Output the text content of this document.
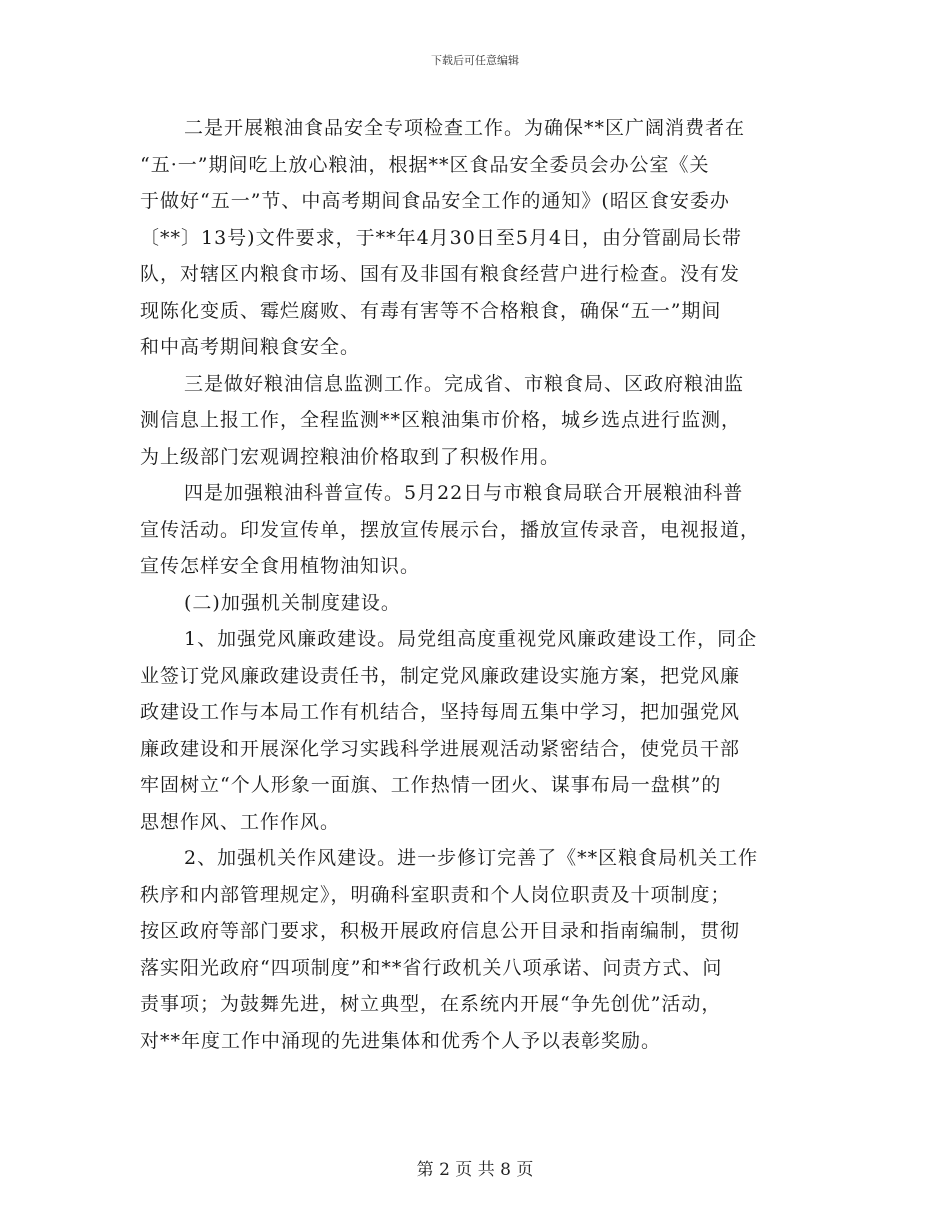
下载后可任意编辑
二是开展粮油食品安全专项检查工作。为确保**区广阔消费者在
“五·一”期间吃上放心粮油，根据**区食品安全委员会办公室《关
于做好“五一”节、中高考期间食品安全工作的通知》(昭区食安委办
〔**〕13号)文件要求，于**年4月30日至5月4日，由分管副局长带
队，对辖区内粮食市场、国有及非国有粮食经营户进行检查。没有发
现陈化变质、霉烂腐败、有毒有害等不合格粮食，确保“五一”期间
和中高考期间粮食安全。
三是做好粮油信息监测工作。完成省、市粮食局、区政府粮油监
测信息上报工作，全程监测**区粮油集市价格，城乡选点进行监测，
为上级部门宏观调控粮油价格取到了积极作用。
四是加强粮油科普宣传。5月22日与市粮食局联合开展粮油科普
宣传活动。印发宣传单，摆放宣传展示台，播放宣传录音，电视报道，
宣传怎样安全食用植物油知识。
(二)加强机关制度建设。
1、加强党风廉政建设。局党组高度重视党风廉政建设工作，同企
业签订党风廉政建设责任书，制定党风廉政建设实施方案，把党风廉
政建设工作与本局工作有机结合，坚持每周五集中学习，把加强党风
廉政建设和开展深化学习实践科学进展观活动紧密结合，使党员干部
牢固树立“个人形象一面旗、工作热情一团火、谋事布局一盘棋”的
思想作风、工作作风。
2、加强机关作风建设。进一步修订完善了《**区粮食局机关工作
秩序和内部管理规定》，明确科室职责和个人岗位职责及十项制度；
按区政府等部门要求，积极开展政府信息公开目录和指南编制，贯彻
落实阳光政府“四项制度”和**省行政机关八项承诺、问责方式、问
责事项；为鼓舞先进，树立典型，在系统内开展“争先创优”活动，
对**年度工作中涌现的先进集体和优秀个人予以表彰奖励。
第 2 页 共 8 页
